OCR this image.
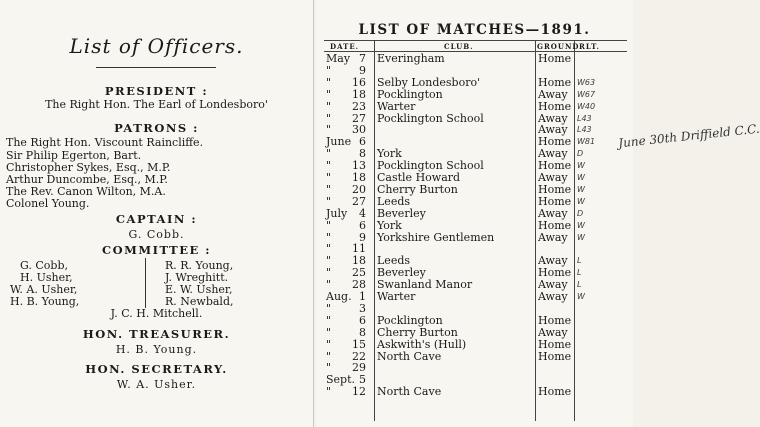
List of Officers.
PRESIDENT :
The Right Hon. The Earl of Londesboro'
PATRONS :
The Right Hon. Viscount Raincliffe.
Sir Philip Egerton, Bart.
Christopher Sykes, Esq., M.P.
Arthur Duncombe, Esq., M.P.
The Rev. Canon Wilton, M.A.
Colonel Young.
CAPTAIN :
G. Cobb.
COMMITTEE :
G. Cobb,
H. Usher,
W. A. Usher,
H. B. Young,
R. R. Young,
J. Wreghitt.
E. W. Usher,
R. Newbald,
J. C. H. Mitchell.
HON. TREASURER.
H. B. Young.
HON. SECRETARY.
W. A. Usher.
LIST OF MATCHES—1891.
DATE.	CLUB.	GROUND RLT.
May 7 Everingham	Home
"	9
" 16 Selby Londesboro'	Home W63
" 18 Pocklington	Away W67
" 23 Warter	Home W40
" 27 Pocklington School	Away L43
" 30	Away L43
June 6	Home W81
"	8 York	Away D
" 13 Pocklington School	Home W
" 18 Castle Howard	Away W
" 20 Cherry Burton	Home W
" 27 Leeds	Home W
July	4 Beverley	Away D
"	6 York	Home W
"	9 Yorkshire Gentlemen	Away W
" 11
" 18 Leeds	Away L
" 25 Beverley	Home L
" 28 Swanland Manor	Away L
Aug. 1 Warter	Away W
"	3
"	6 Pocklington	Home
"	8 Cherry Burton	Away
" 15 Askwith's (Hull)	Home
" 22 North Cave	Home
" 29
Sept. 5
" 12 North Cave	Home
June 30th Driffield C.C.
